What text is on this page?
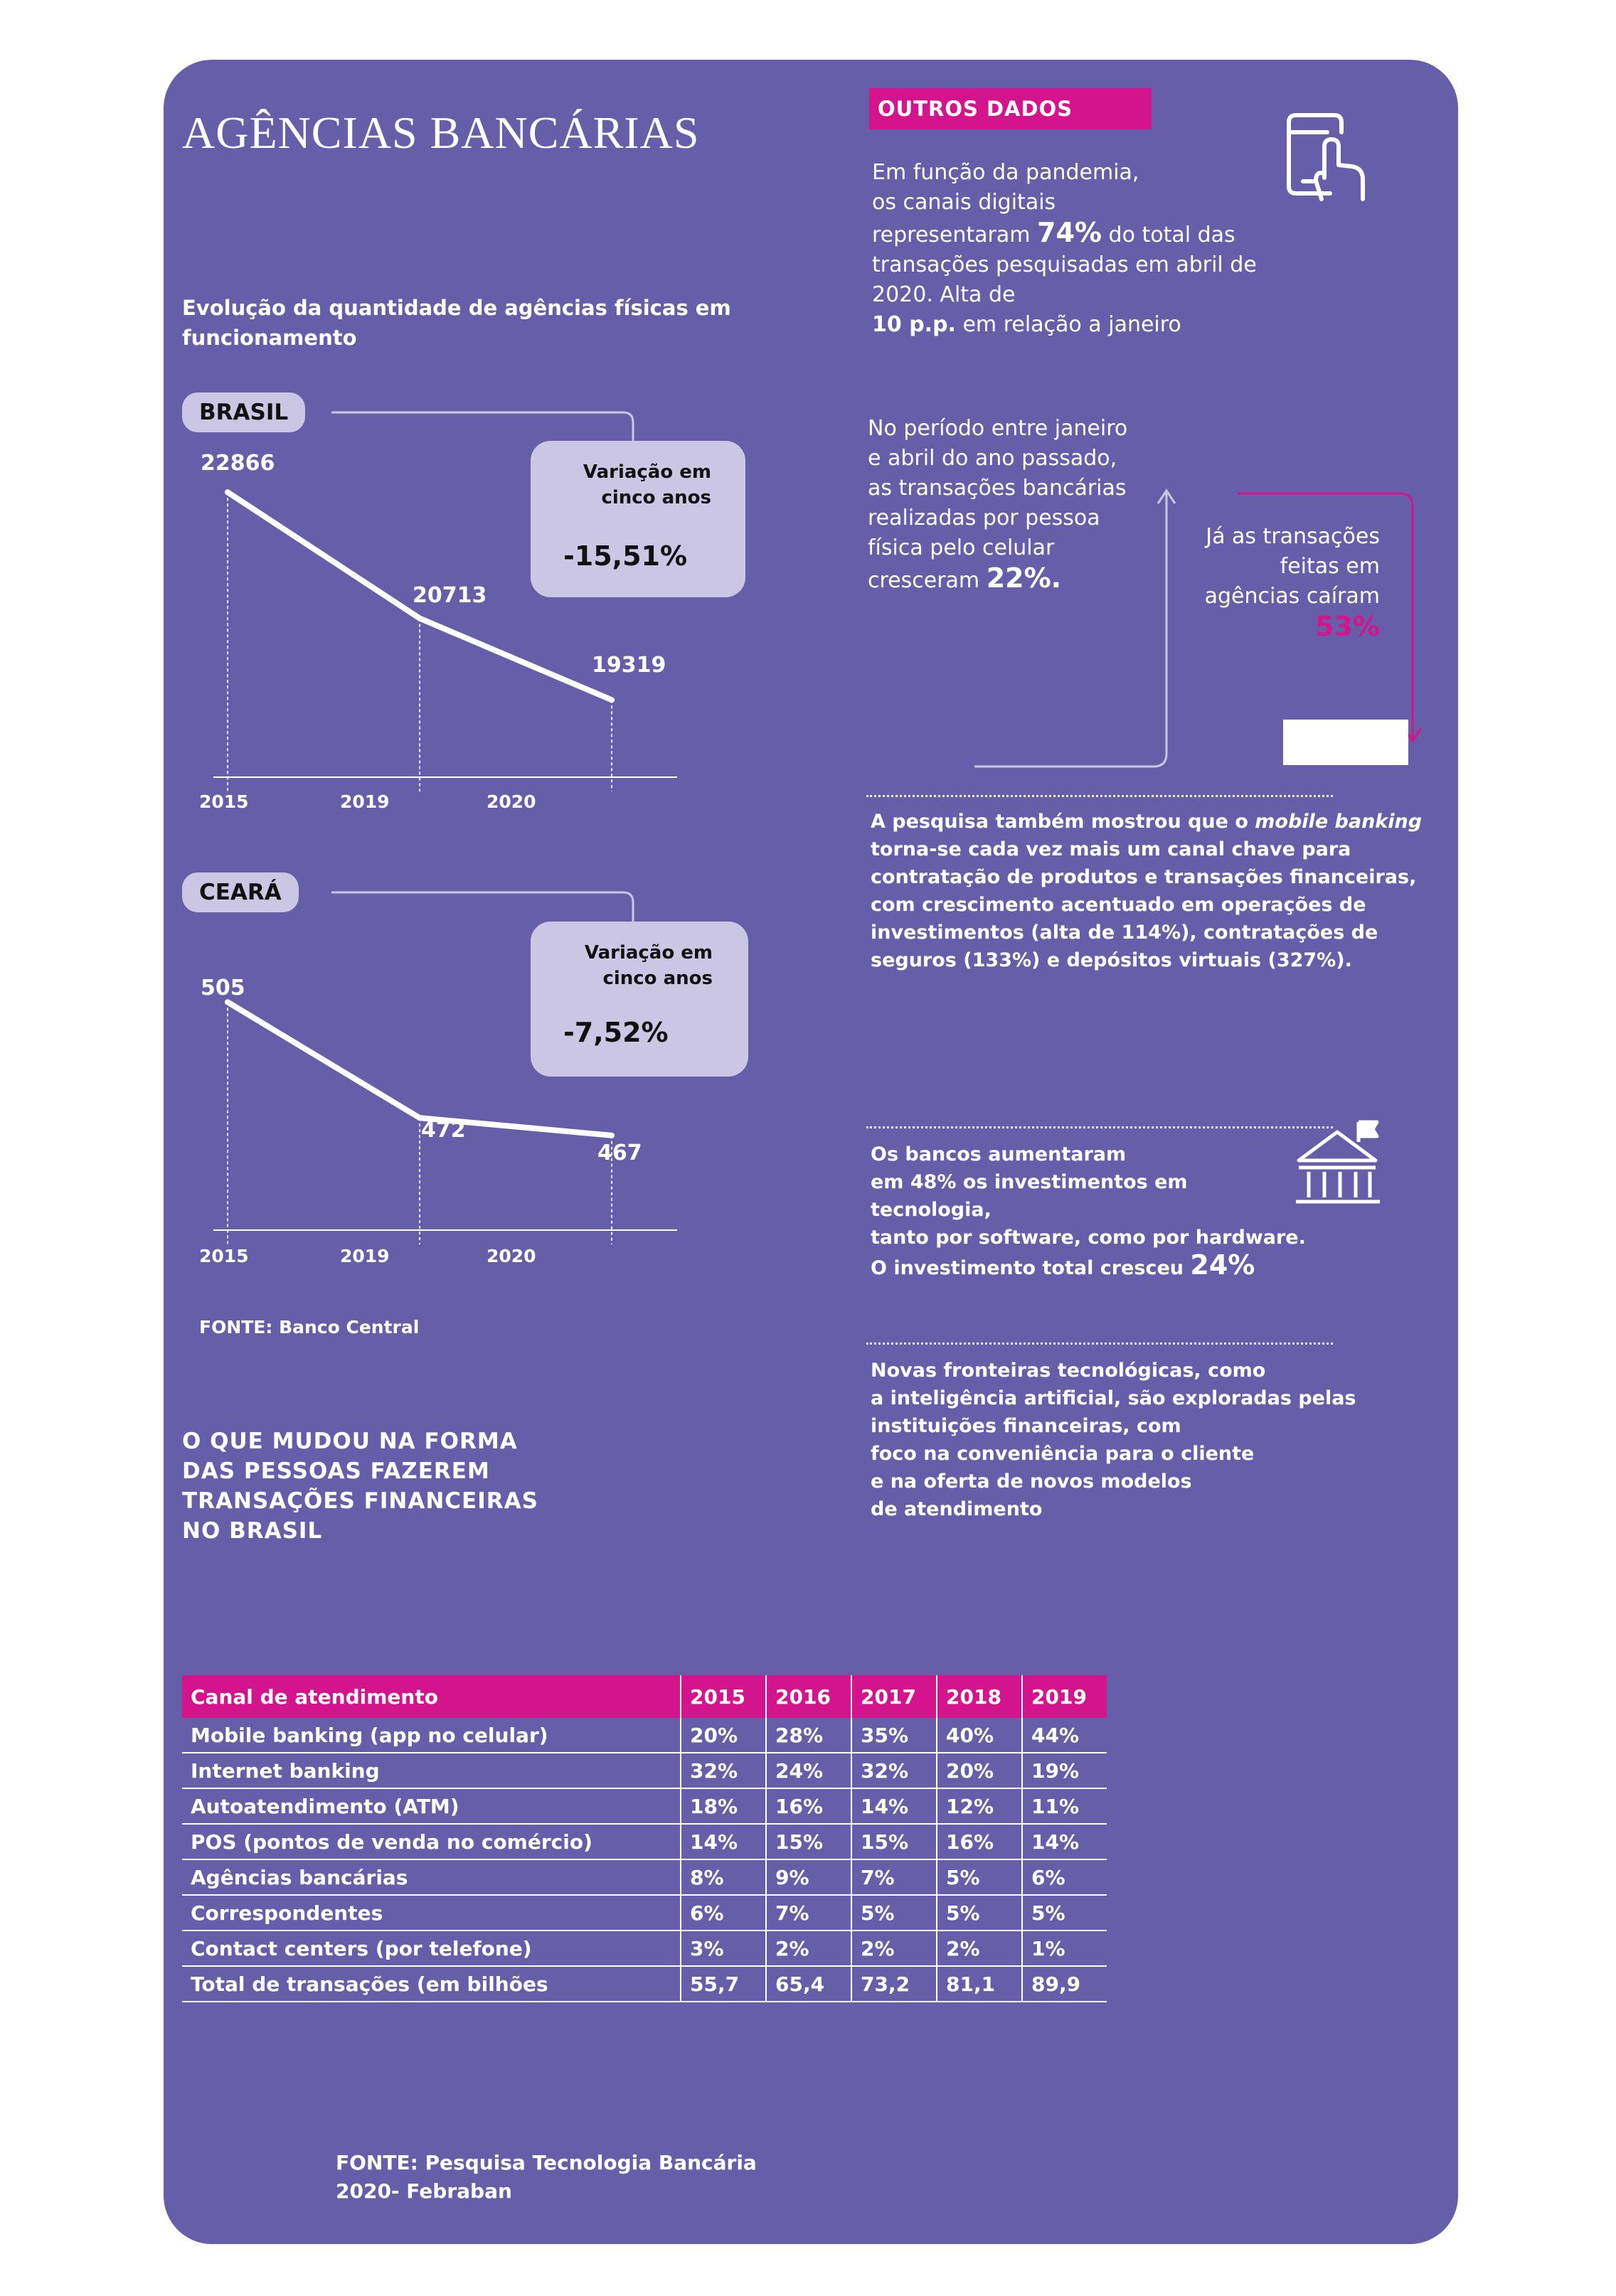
AGÊNCIAS BANCÁRIAS
Evolução da quantidade de agências físicas em funcionamento
BRASIL
Variação em cinco anos
-15,51%
22866
20713
19319
2015	2019	2020
CEARÁ
Variação em cinco anos
-7,52%
505
472
467
2015	2019	2020
FONTE: Banco Central
O QUE MUDOU NA FORMA DAS PESSOAS FAZEREM TRANSAÇÕES FINANCEIRAS NO BRASIL
OUTROS DADOS
Em função da pandemia,
os canais digitais
representaram 74% do total das
transações pesquisadas em abril de
2020. Alta de
10 p.p. em relação a janeiro
No período entre janeiro
e abril do ano passado,
as transações bancárias
realizadas por pessoa
física pelo celular
cresceram 22%.
Já as transações
feitas em
agências caíram
53%
A pesquisa também mostrou que o mobile banking
torna-se cada vez mais um canal chave para
contratação de produtos e transações financeiras,
com crescimento acentuado em operações de
investimentos (alta de 114%), contratações de
seguros (133%) e depósitos virtuais (327%).
Os bancos aumentaram
em 48% os investimentos em tecnologia,
tanto por software, como por hardware.
O investimento total cresceu 24%
Novas fronteiras tecnológicas, como
a inteligência artificial, são exploradas pelas
instituições financeiras, com
foco na conveniência para o cliente
e na oferta de novos modelos
de atendimento
Canal de atendimento	2015	2016	2017	2018	2019
Mobile banking (app no celular)	20%	28%	35%	40%	44%
Internet banking	32%	24%	32%	20%	19%
Autoatendimento (ATM)	18%	16%	14%	12%	11%
POS (pontos de venda no comércio)	14%	15%	15%	16%	14%
Agências bancárias	8%	9%	7%	5%	6%
Correspondentes	6%	7%	5%	5%	5%
Contact centers (por telefone)	3%	2%	2%	2%	1%
Total de transações (em bilhões	55,7	65,4	73,2	81,1	89,9
FONTE: Pesquisa Tecnologia Bancária
2020- Febraban
